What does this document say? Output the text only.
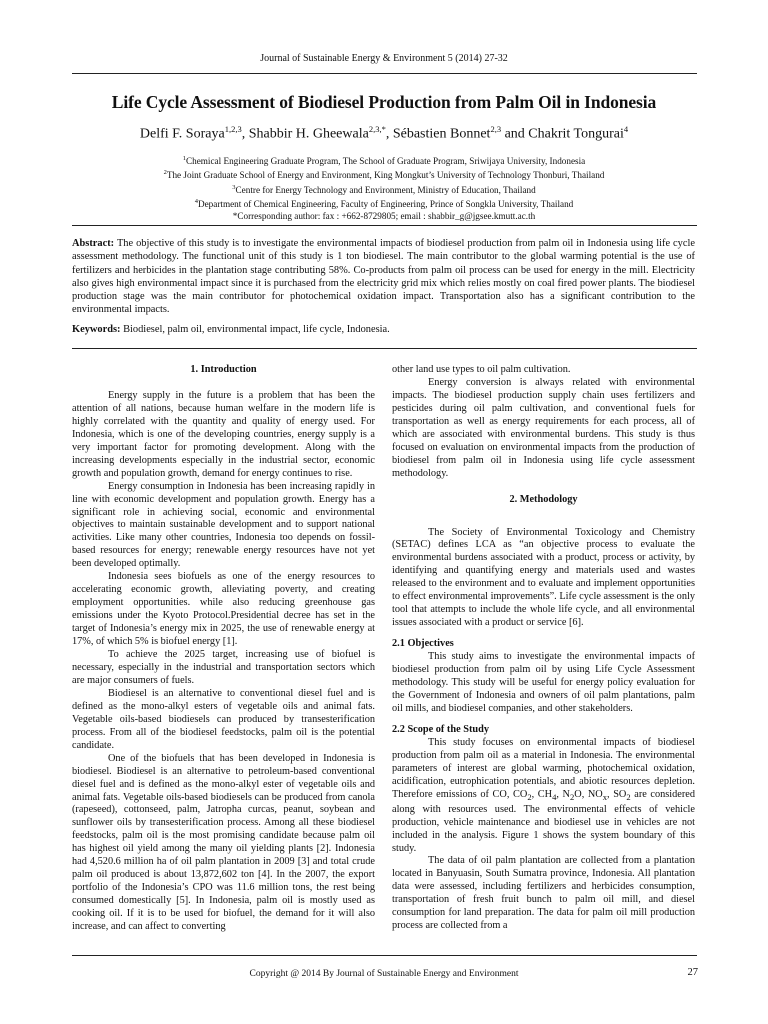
Journal of Sustainable Energy & Environment 5 (2014) 27-32
Life Cycle Assessment of Biodiesel Production from Palm Oil in Indonesia
Delfi F. Soraya$^{1,2,3}$, Shabbir H. Gheewala$^{2,3,*}$, Sébastien Bonnet$^{2,3}$ and Chakrit Tongurai$^4$
$^1$Chemical Engineering Graduate Program, The School of Graduate Program, Sriwijaya University, Indonesia
$^2$The Joint Graduate School of Energy and Environment, King Mongkut’s University of Technology Thonburi, Thailand
$^3$Centre for Energy Technology and Environment, Ministry of Education, Thailand
$^4$Department of Chemical Engineering, Faculty of Engineering, Prince of Songkla University, Thailand
*Corresponding author: fax : +662-8729805; email : shabbir_g@jgsee.kmutt.ac.th
Abstract: The objective of this study is to investigate the environmental impacts of biodiesel production from palm oil in Indonesia using life cycle assessment methodology. The functional unit of this study is 1 ton biodiesel. The main contributor to the global warming potential is the use of fertilizers and herbicides in the plantation stage contributing 58%. Co-products from palm oil process can be used for energy in the mill. Electricity also gives high environmental impact since it is purchased from the electricity grid mix which relies mostly on coal fired power plants. The biodiesel production stage was the main contributor for photochemical oxidation impact. Transportation also has a significant contribution to the environmental impacts.
Keywords: Biodiesel, palm oil, environmental impact, life cycle, Indonesia.

1. Introduction

Energy supply in the future is a problem that has been the attention of all nations, because human welfare in the modern life is highly correlated with the quantity and quality of energy used. For Indonesia, which is one of the developing countries, energy supply is a very important factor for promoting development. Along with the increasing developments especially in the industrial sector, economic growth and population growth, demand for energy continues to rise.

Energy consumption in Indonesia has been increasing rapidly in line with economic development and population growth. Energy has a significant role in achieving social, economic and environmental objectives to maintain sustainable development and to support national activities. Like many other countries, Indonesia too depends on fossil-based resources for energy; renewable energy resources have not yet been developed optimally.

Indonesia sees biofuels as one of the energy resources to accelerating economic growth, alleviating poverty, and creating employment opportunities. while also reducing greenhouse gas emissions under the Kyoto Protocol.Presidential decree has set in the target of Indonesia’s energy mix in 2025, the use of renewable energy at 17%, of which 5% is biofuel energy [1].

To achieve the 2025 target, increasing use of biofuel is necessary, especially in the industrial and transportation sectors which are major consumers of fuels.

Biodiesel is an alternative to conventional diesel fuel and is defined as the mono-alkyl esters of vegetable oils and animal fats. Vegetable oils-based biodiesels can produced by transesterification process. From all of the biodiesel feedstocks, palm oil is the potential candidate.

One of the biofuels that has been developed in Indonesia is biodiesel. Biodiesel is an alternative to petroleum-based conventional diesel fuel and is defined as the mono-alkyl ester of vegetable oils and animal fats. Vegetable oils-based biodiesels can be produced from canola (rapeseed), cottonseed, palm, Jatropha curcas, peanut, soybean and sunflower oils by transesterification process. Among all these biodiesel feedstocks, palm oil is the most promising candidate because palm oil has highest oil yield among the many oil yielding plants [2]. Indonesia had 4,520.6 million ha of oil palm plantation in 2009 [3] and total crude palm oil produced is about 13,872,602 ton [4]. In the 2007, the export portfolio of the Indonesia’s CPO was 11.6 million tons, the rest being consumed domestically [5]. In Indonesia, palm oil is mostly used as cooking oil. If it is to be used for biofuel, the demand for it will also increase, and can affect to converting

other land use types to oil palm cultivation.

Energy conversion is always related with environmental impacts. The biodiesel production supply chain uses fertilizers and pesticides during oil palm cultivation, and conventional fuels for transportation as well as energy requirements for each process, all of which are associated with environmental burdens. This study is thus focused on evaluation on environmental impacts from the production of biodiesel from palm oil in Indonesia using life cycle assessment methodology.

2. Methodology

The Society of Environmental Toxicology and Chemistry (SETAC) defines LCA as “an objective process to evaluate the environmental burdens associated with a product, process or activity, by identifying and quantifying energy and materials used and wastes released to the environment and to evaluate and implement opportunities to effect environmental improvements”. Life cycle assessment is the only tool that attempts to include the whole life cycle, and all environmental issues associated with a product or service [6].

2.1 Objectives

This study aims to investigate the environmental impacts of biodiesel production from palm oil by using Life Cycle Assessment methodology. This study will be useful for energy policy evaluation for the Government of Indonesia and owners of oil palm plantations, palm oil mills, and biodiesel companies, and other stakeholders.

2.2 Scope of the Study

This study focuses on environmental impacts of biodiesel production from palm oil as a material in Indonesia. The environmental parameters of interest are global warming, photochemical oxidation, acidification, eutrophication potentials, and abiotic resources depletion. Therefore emissions of CO, $CO_2$, $CH_4$, $N_2O$, $NO_x$, $SO_2$ are considered along with resources used. The environmental effects of vehicle production, vehicle maintenance and biodiesel use in vehicles are not included in the analysis. Figure 1 shows the system boundary of this study.

The data of oil palm plantation are collected from a plantation located in Banyuasin, South Sumatra province, Indonesia. All plantation data were assessed, including fertilizers and herbicides consumption, transportation of fresh fruit bunch to palm oil mill, and diesel consumption for land preparation. The data for palm oil mill production process are collected from a

Copyright @ 2014 By Journal of Sustainable Energy and Environment	27
